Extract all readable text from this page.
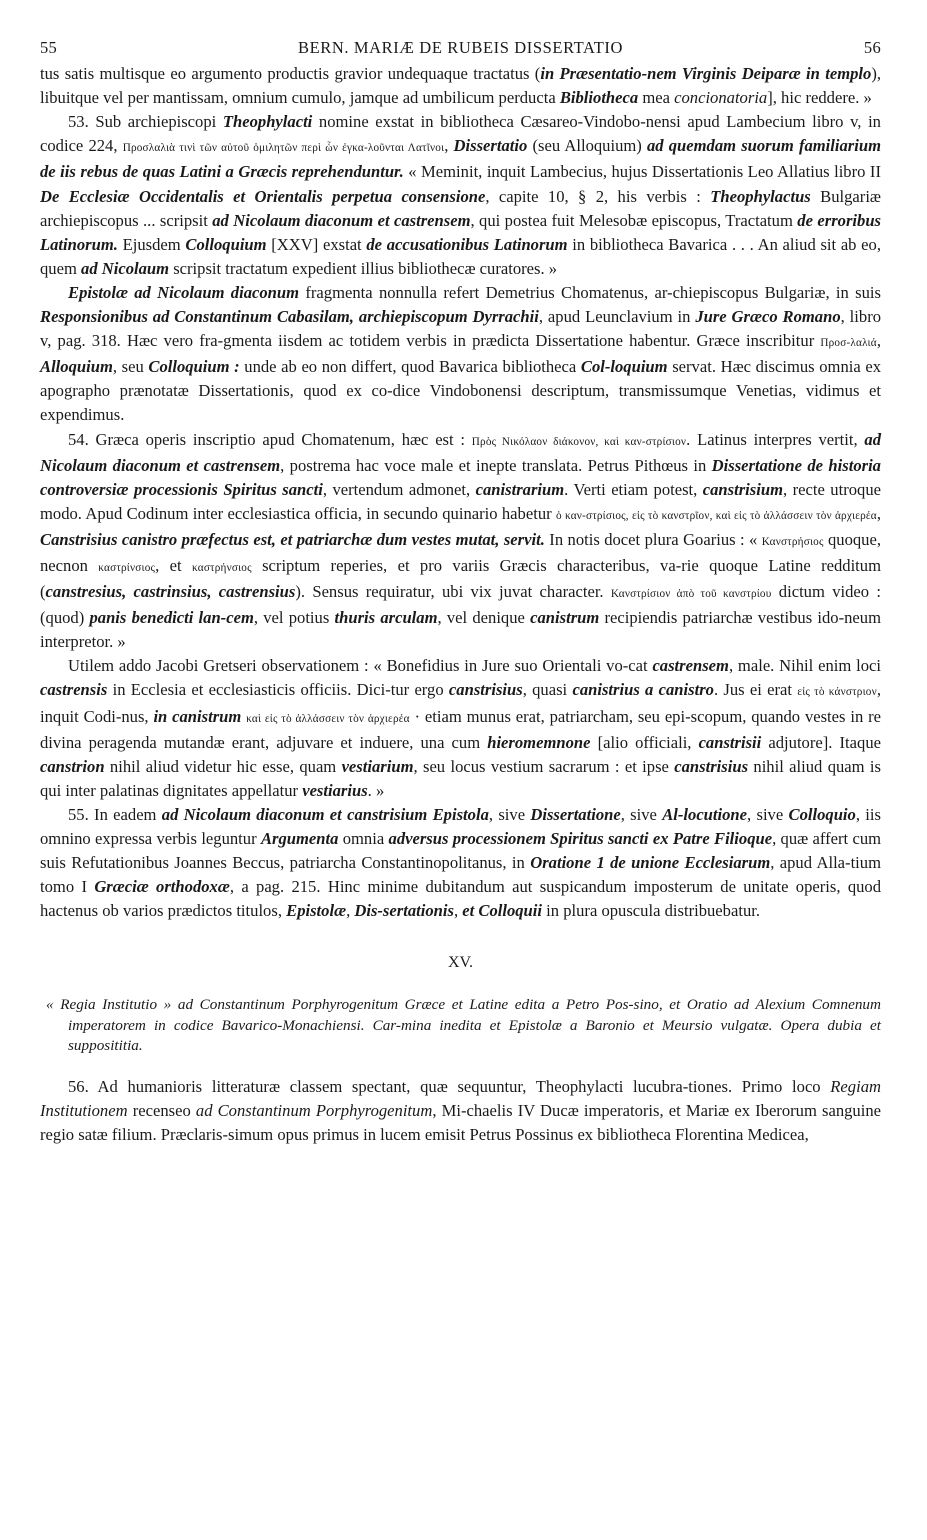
55	BERN. MARIÆ DE RUBEIS DISSERTATIO	56

tus satis multisque eo argumento productis gravior undequaque tractatus (in Præsentatio-nem Virginis Deiparæ in templo), libuitque vel per mantissam, omnium cumulo, jamque ad umbilicum perducta Bibliotheca mea concionatoria], hic reddere. »

53. Sub archiepiscopi Theophylacti nomine exstat in bibliotheca Cæsareo-Vindobo-nensi apud Lambecium libro v, in codice 224, Προσλαλιὰ τινὶ τῶν αὐτοῦ ὁμιλητῶν περὶ ὧν ἐγκα-λοῦνται Λατῖνοι, Dissertatio (seu Alloquium) ad quemdam suorum familiarium de iis rebus de quas Latini a Græcis reprehenduntur. « Meminit, inquit Lambecius, hujus Dissertationis Leo Allatius libro II De Ecclesiæ Occidentalis et Orientalis perpetua consensione, capite 10, § 2, his verbis : Theophylactus Bulgariæ archiepiscopus ... scripsit ad Nicolaum diaconum et castrensem, qui postea fuit Melesobæ episcopus, Tractatum de erroribus Latinorum. Ejusdem Colloquium [XXV] exstat de accusationibus Latinorum in bibliotheca Bavarica . . . An aliud sit ab eo, quem ad Nicolaum scripsit tractatum expedient illius bibliothecæ curatores. »

Epistolæ ad Nicolaum diaconum fragmenta nonnulla refert Demetrius Chomatenus, ar-chiepiscopus Bulgariæ, in suis Responsionibus ad Constantinum Cabasilam, archiepiscopum Dyrrachii, apud Leunclavium in Jure Græco Romano, libro v, pag. 318. Hæc vero fra-gmenta iisdem ac totidem verbis in prædicta Dissertatione habentur. Græce inscribitur Προσ-λαλιά, Alloquium, seu Colloquium : unde ab eo non differt, quod Bavarica bibliotheca Col-loquium servat. Hæc discimus omnia ex apographo prænotatæ Dissertationis, quod ex co-dice Vindobonensi descriptum, transmissumque Venetias, vidimus et expendimus.

54. Græca operis inscriptio apud Chomatenum, hæc est : Πρὸς Νικόλαον διάκονον, καὶ καν-στρίσιον. Latinus interpres vertit, ad Nicolaum diaconum et castrensem, postrema hac voce male et inepte translata. Petrus Pithœus in Dissertatione de historia controversiæ processionis Spiritus sancti, vertendum admonet, canistrarium. Verti etiam potest, canstrisium, recte utroque modo. Apud Codinum inter ecclesiastica officia, in secundo quinario habetur ὁ καν-στρίσιος, εἰς τὸ κανστρῖον, καὶ εἰς τὸ ἀλλάσσειν τὸν ἀρχιερέα, Canstrisius canistro præfectus est, et patriarchæ dum vestes mutat, servit. In notis docet plura Goarius : « Κανστρήσιος quoque, necnon καστρίνσιος, et καστρήνσιος scriptum reperies, et pro variis Græcis characteribus, va-rie quoque Latine redditum (canstresius, castrinsius, castrensius). Sensus requiratur, ubi vix juvat character. Κανστρίσιον ἀπὸ τοῦ κανστρίου dictum video : (quod) panis benedicti lan-cem, vel potius thuris arculam, vel denique canistrum recipiendis patriarchæ vestibus ido-neum interpretor. »

Utilem addo Jacobi Gretseri observationem : « Bonefidius in Jure suo Orientali vo-cat castrensem, male. Nihil enim loci castrensis in Ecclesia et ecclesiasticis officiis. Dici-tur ergo canstrisius, quasi canistrius a canistro. Jus ei erat εἰς τὸ κάνστριον, inquit Codi-nus, in canistrum καὶ εἰς τὸ ἀλλάσσειν τὸν ἀρχιερέα · etiam munus erat, patriarcham, seu epi-scopum, quando vestes in re divina peragenda mutandæ erant, adjuvare et induere, una cum hieromemnone [alio officiali, canstrisii adjutore]. Itaque canstrion nihil aliud videtur hic esse, quam vestiarium, seu locus vestium sacrarum : et ipse canstrisius nihil aliud quam is qui inter palatinas dignitates appellatur vestiarius. »

55. In eadem ad Nicolaum diaconum et canstrisium Epistola, sive Dissertatione, sive Al-locutione, sive Colloquio, iis omnino expressa verbis leguntur Argumenta omnia adversus processionem Spiritus sancti ex Patre Filioque, quæ affert cum suis Refutationibus Joannes Beccus, patriarcha Constantinopolitanus, in Oratione 1 de unione Ecclesiarum, apud Alla-tium tomo I Græciæ orthodoxæ, a pag. 215. Hinc minime dubitandum aut suspicandum imposterum de unitate operis, quod hactenus ob varios prædictos titulos, Epistolæ, Dis-sertationis, et Colloquii in plura opuscula distribuebatur.

XV.
« Regia Institutio » ad Constantinum Porphyrogenitum Græce et Latine edita a Petro Pos-sino, et Oratio ad Alexium Comnenum imperatorem in codice Bavarico-Monachiensi. Car-mina inedita et Epistolæ a Baronio et Meursio vulgatæ. Opera dubia et supposititia.

56. Ad humanioris litteraturæ classem spectant, quæ sequuntur, Theophylacti lucubra-tiones. Primo loco Regiam Institutionem recenseo ad Constantinum Porphyrogenitum, Mi-chaelis IV Ducæ imperatoris, et Mariæ ex Iberorum sanguine regio satæ filium. Præclaris-simum opus primus in lucem emisit Petrus Possinus ex bibliotheca Florentina Medicea,
